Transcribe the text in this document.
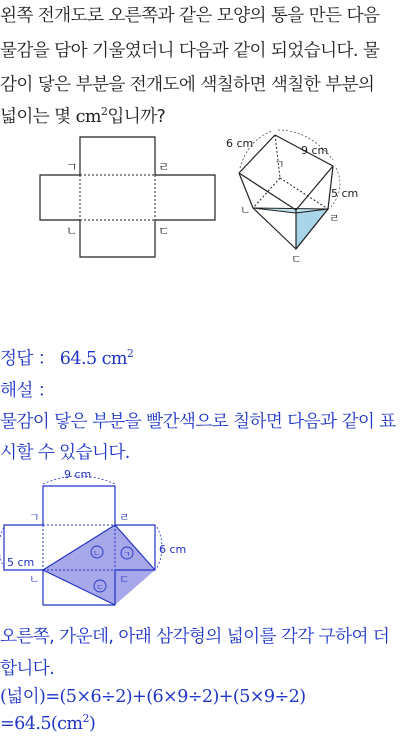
왼쪽 전개도로 오른쪽과 같은 모양의 통을 만든 다음
물감을 담아 기울였더니 다음과 같이 되었습니다. 물
감이 닿은 부분을 전개도에 색칠하면 색칠한 부분의
넓이는 몇 $cm^2$입니까?
ㄱ	ㄹ
ㄴ	ㄷ
6 cm
9 cm
5 cm
ㄱ
ㄴ
ㄹ
ㄷ
정답 ： 64.5 $cm^2$
해설 ：
물감이 닿은 부분을 빨간색으로 칠하면 다음과 같이 표
시할 수 있습니다.
9 cm
5 cm
6 cm
ㄱ	ㄹ
ㄴ	ㄷ
ㄴ	ㄱ
ㄷ
오른쪽, 가운데, 아래 삼각형의 넓이를 각각 구하여 더
합니다.
(넓이)=(5×6÷2)+(6×9÷2)+(5×9÷2)
$=64.5(cm^2)$
